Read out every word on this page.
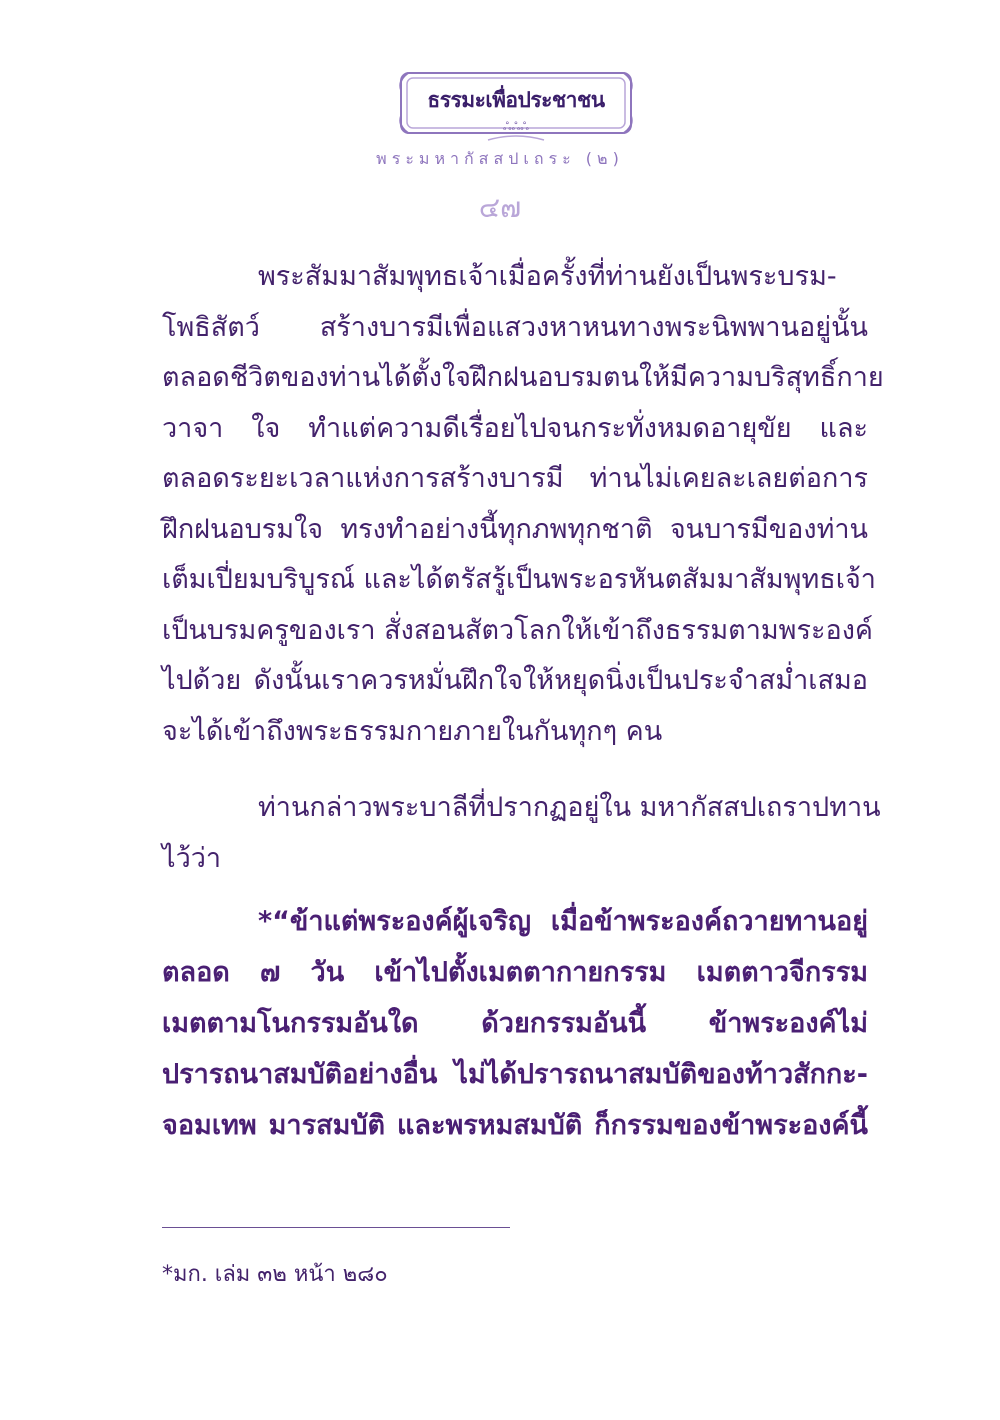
ธรรมะเพื่อประชาชน
ஃஃஃ
พระมหากัสสปเถระ (๒)
๔๗
พระสัมมาสัมพุทธเจ้าเมื่อครั้งที่ท่านยังเป็นพระบรม-
โพธิสัตว์ สร้างบารมีเพื่อแสวงหาหนทางพระนิพพานอยู่นั้น
ตลอดชีวิตของท่านได้ตั้งใจฝึกฝนอบรมตนให้มีความบริสุทธิ์กาย
วาจา ใจ ทำแต่ความดีเรื่อยไปจนกระทั่งหมดอายุขัย และ
ตลอดระยะเวลาแห่งการสร้างบารมี ท่านไม่เคยละเลยต่อการ
ฝึกฝนอบรมใจ ทรงทำอย่างนี้ทุกภพทุกชาติ จนบารมีของท่าน
เต็มเปี่ยมบริบูรณ์ และได้ตรัสรู้เป็นพระอรหันตสัมมาสัมพุทธเจ้า
เป็นบรมครูของเรา สั่งสอนสัตวโลกให้เข้าถึงธรรมตามพระองค์
ไปด้วย ดังนั้นเราควรหมั่นฝึกใจให้หยุดนิ่งเป็นประจำสม่ำเสมอ
จะได้เข้าถึงพระธรรมกายภายในกันทุกๆ คน
ท่านกล่าวพระบาลีที่ปรากฏอยู่ใน มหากัสสปเถราปทาน
ไว้ว่า
*“ข้าแต่พระองค์ผู้เจริญ เมื่อข้าพระองค์ถวายทานอยู่
ตลอด ๗ วัน เข้าไปตั้งเมตตากายกรรม เมตตาวจีกรรม
เมตตามโนกรรมอันใด ด้วยกรรมอันนี้ ข้าพระองค์ไม่
ปรารถนาสมบัติอย่างอื่น ไม่ได้ปรารถนาสมบัติของท้าวสักกะ-
จอมเทพ มารสมบัติ และพรหมสมบัติ ก็กรรมของข้าพระองค์นี้
*มก. เล่ม ๓๒ หน้า ๒๘๐
